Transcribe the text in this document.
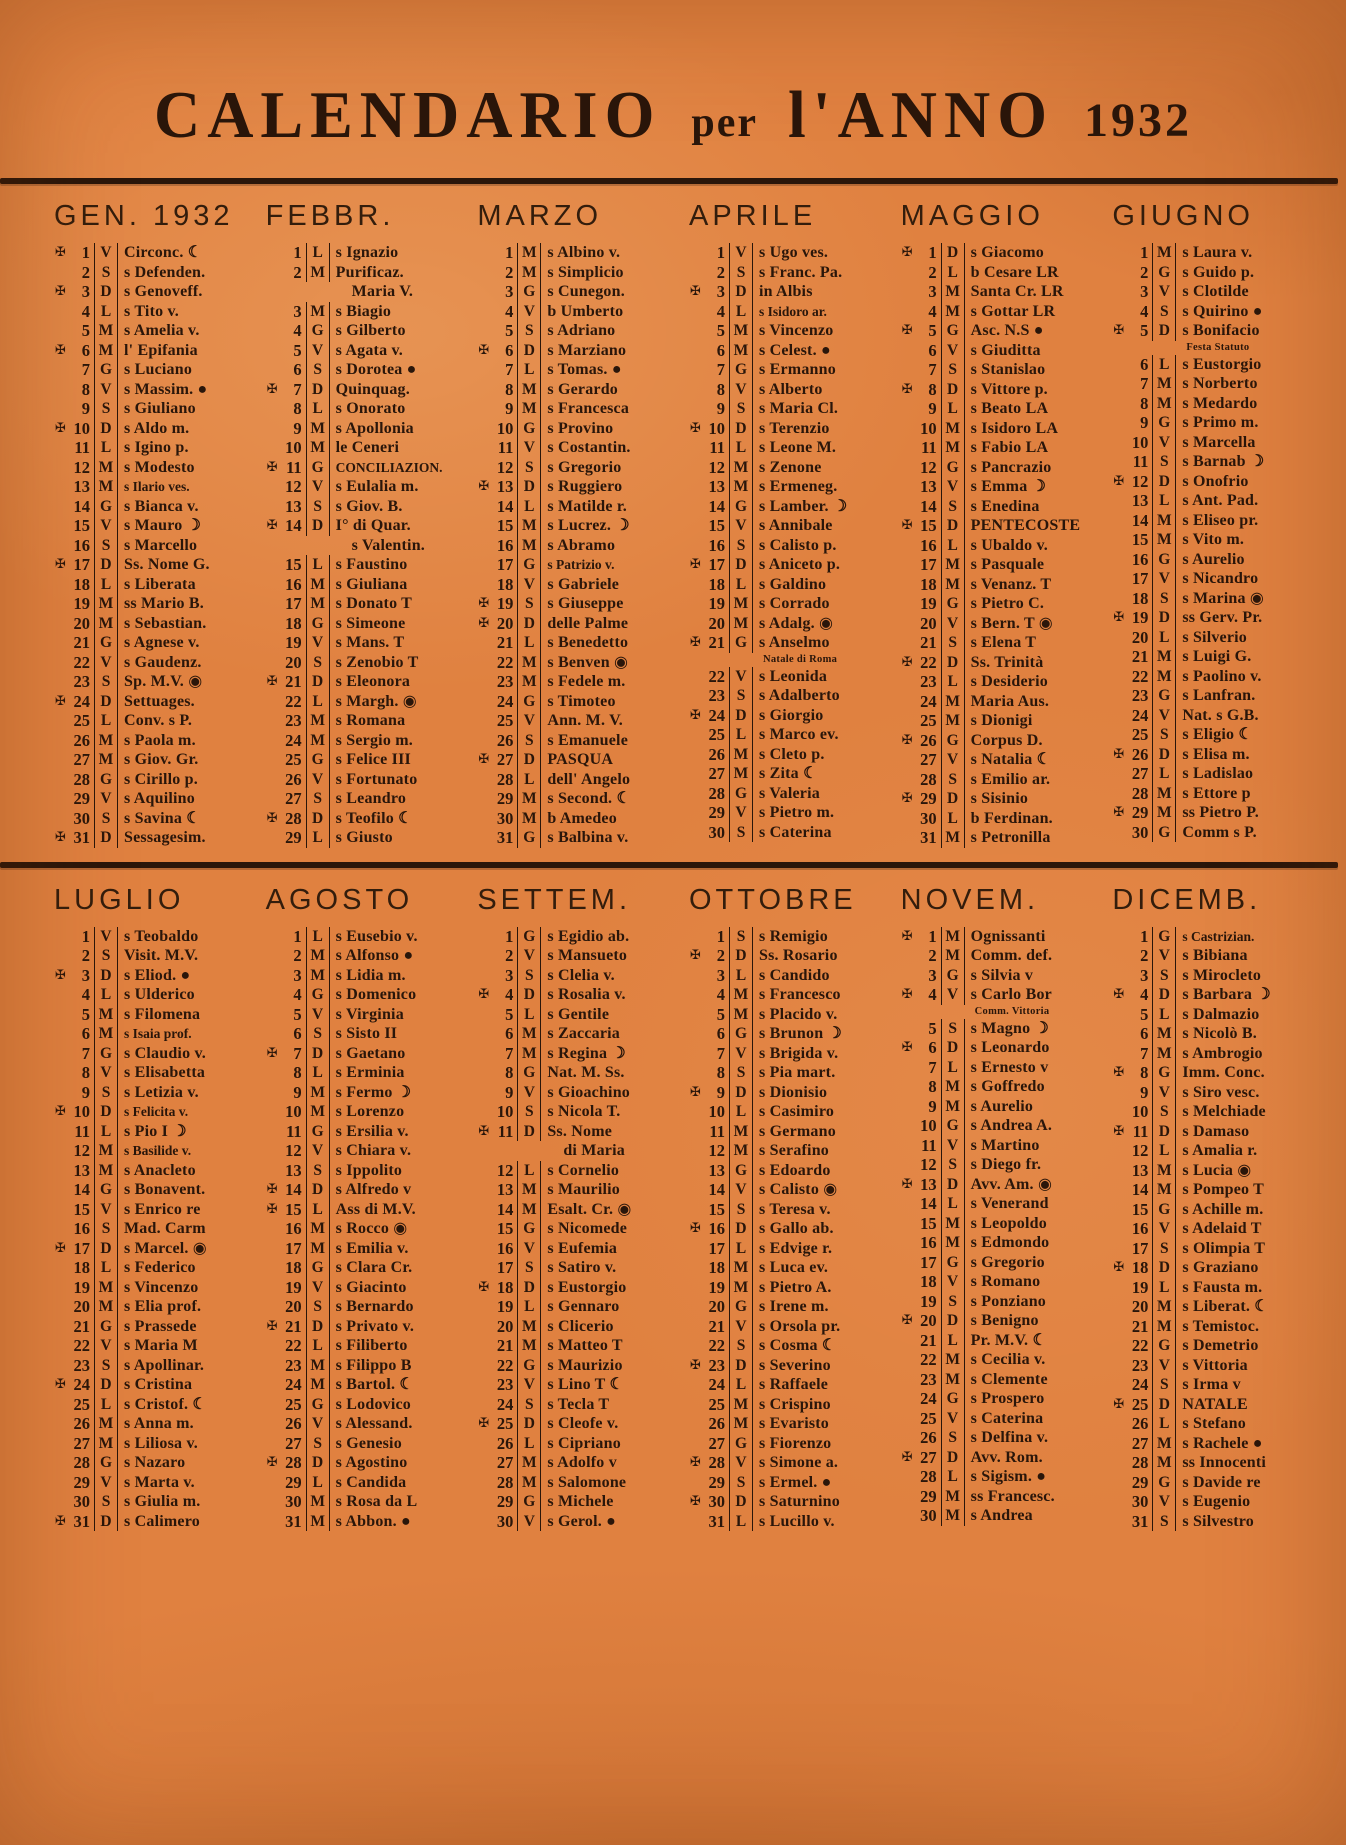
CALENDARIO per l'ANNO 1932
GEN. 1932
✠ 1 V Circonc. ☾
2 S s Defenden.
✠ 3 D s Genoveff.
4 L s Tito v.
5 M s Amelia v.
✠ 6 M l' Epifania
7 G s Luciano
8 V s Massim. ●
9 S s Giuliano
✠ 10 D s Aldo m.
11 L s Igino p.
12 M s Modesto
13 M s Ilario ves.
14 G s Bianca v.
15 V s Mauro ☽
16 S s Marcello
✠ 17 D Ss. Nome G.
18 L s Liberata
19 M ss Mario B.
20 M s Sebastian.
21 G s Agnese v.
22 V s Gaudenz.
23 S Sp. M.V. ◉
✠ 24 D Settuages.
25 L Conv. s P.
26 M s Paola m.
27 M s Giov. Gr.
28 G s Cirillo p.
29 V s Aquilino
30 S s Savina ☾
✠ 31 D Sessagesim.
FEBBR.
1 L s Ignazio
2 M Purificaz.
Maria V.
3 M s Biagio
4 G s Gilberto
5 V s Agata v.
6 S s Dorotea ●
✠ 7 D Quinquag.
8 L s Onorato
9 M s Apollonia
10 M le Ceneri
✠ 11 G CONCILIAZION.
12 V s Eulalia m.
13 S s Giov. B.
✠ 14 D I° di Quar.
s Valentin.
15 L s Faustino
16 M s Giuliana
17 M s Donato T
18 G s Simeone
19 V s Mans. T
20 S s Zenobio T
✠ 21 D s Eleonora
22 L s Margh. ◉
23 M s Romana
24 M s Sergio m.
25 G s Felice III
26 V s Fortunato
27 S s Leandro
✠ 28 D s Teofilo ☾
29 L s Giusto
MARZO
1 M s Albino v.
2 M s Simplicio
3 G s Cunegon.
4 V b Umberto
5 S s Adriano
✠ 6 D s Marziano
7 L s Tomas. ●
8 M s Gerardo
9 M s Francesca
10 G s Provino
11 V s Costantin.
12 S s Gregorio
✠ 13 D s Ruggiero
14 L s Matilde r.
15 M s Lucrez. ☽
16 M s Abramo
17 G s Patrizio v.
18 V s Gabriele
✠ 19 S s Giuseppe
✠ 20 D delle Palme
21 L s Benedetto
22 M s Benven ◉
23 M s Fedele m.
24 G s Timoteo
25 V Ann. M. V.
26 S s Emanuele
✠ 27 D PASQUA
28 L dell' Angelo
29 M s Second. ☾
30 M b Amedeo
31 G s Balbina v.
APRILE
1 V s Ugo ves.
2 S s Franc. Pa.
✠ 3 D in Albis
4 L s Isidoro ar.
5 M s Vincenzo
6 M s Celest. ●
7 G s Ermanno
8 V s Alberto
9 S s Maria Cl.
✠ 10 D s Terenzio
11 L s Leone M.
12 M s Zenone
13 M s Ermeneg.
14 G s Lamber. ☽
15 V s Annibale
16 S s Calisto p.
✠ 17 D s Aniceto p.
18 L s Galdino
19 M s Corrado
20 M s Adalg. ◉
✠ 21 G s Anselmo
Natale di Roma
22 V s Leonida
23 S s Adalberto
✠ 24 D s Giorgio
25 L s Marco ev.
26 M s Cleto p.
27 M s Zita ☾
28 G s Valeria
29 V s Pietro m.
30 S s Caterina
MAGGIO
✠ 1 D s Giacomo
2 L b Cesare LR
3 M Santa Cr. LR
4 M s Gottar LR
✠ 5 G Asc. N.S ●
6 V s Giuditta
7 S s Stanislao
✠ 8 D s Vittore p.
9 L s Beato LA
10 M s Isidoro LA
11 M s Fabio LA
12 G s Pancrazio
13 V s Emma ☽
14 S s Enedina
✠ 15 D PENTECOSTE
16 L s Ubaldo v.
17 M s Pasquale
18 M s Venanz. T
19 G s Pietro C.
20 V s Bern. T ◉
21 S s Elena T
✠ 22 D Ss. Trinità
23 L s Desiderio
24 M Maria Aus.
25 M s Dionigi
✠ 26 G Corpus D.
27 V s Natalia ☾
28 S s Emilio ar.
✠ 29 D s Sisinio
30 L b Ferdinan.
31 M s Petronilla
GIUGNO
1 M s Laura v.
2 G s Guido p.
3 V s Clotilde
4 S s Quirino ●
✠ 5 D s Bonifacio
Festa Statuto
6 L s Eustorgio
7 M s Norberto
8 M s Medardo
9 G s Primo m.
10 V s Marcella
11 S s Barnab ☽
✠ 12 D s Onofrio
13 L s Ant. Pad.
14 M s Eliseo pr.
15 M s Vito m.
16 G s Aurelio
17 V s Nicandro
18 S s Marina ◉
✠ 19 D ss Gerv. Pr.
20 L s Silverio
21 M s Luigi G.
22 M s Paolino v.
23 G s Lanfran.
24 V Nat. s G.B.
25 S s Eligio ☾
✠ 26 D s Elisa m.
27 L s Ladislao
28 M s Ettore p
✠ 29 M ss Pietro P.
30 G Comm s P.
LUGLIO
1 V s Teobaldo
2 S Visit. M.V.
✠ 3 D s Eliod. ●
4 L s Ulderico
5 M s Filomena
6 M s Isaia prof.
7 G s Claudio v.
8 V s Elisabetta
9 S s Letizia v.
✠ 10 D s Felicita v.
11 L s Pio I ☽
12 M s Basilide v.
13 M s Anacleto
14 G s Bonavent.
15 V s Enrico re
16 S Mad. Carm
✠ 17 D s Marcel. ◉
18 L s Federico
19 M s Vincenzo
20 M s Elia prof.
21 G s Prassede
22 V s Maria M
23 S s Apollinar.
✠ 24 D s Cristina
25 L s Cristof. ☾
26 M s Anna m.
27 M s Liliosa v.
28 G s Nazaro
29 V s Marta v.
30 S s Giulia m.
✠ 31 D s Calimero
AGOSTO
1 L s Eusebio v.
2 M s Alfonso ●
3 M s Lidia m.
4 G s Domenico
5 V s Virginia
6 S s Sisto II
✠ 7 D s Gaetano
8 L s Erminia
9 M s Fermo ☽
10 M s Lorenzo
11 G s Ersilia v.
12 V s Chiara v.
13 S s Ippolito
✠ 14 D s Alfredo v
✠ 15 L Ass di M.V.
16 M s Rocco ◉
17 M s Emilia v.
18 G s Clara Cr.
19 V s Giacinto
20 S s Bernardo
✠ 21 D s Privato v.
22 L s Filiberto
23 M s Filippo B
24 M s Bartol. ☾
25 G s Lodovico
26 V s Alessand.
27 S s Genesio
✠ 28 D s Agostino
29 L s Candida
30 M s Rosa da L
31 M s Abbon. ●
SETTEM.
1 G s Egidio ab.
2 V s Mansueto
3 S s Clelia v.
✠ 4 D s Rosalia v.
5 L s Gentile
6 M s Zaccaria
7 M s Regina ☽
8 G Nat. M. Ss.
9 V s Gioachino
10 S s Nicola T.
✠ 11 D Ss. Nome
di Maria
12 L s Cornelio
13 M s Maurilio
14 M Esalt. Cr. ◉
15 G s Nicomede
16 V s Eufemia
17 S s Satiro v.
✠ 18 D s Eustorgio
19 L s Gennaro
20 M s Clicerio
21 M s Matteo T
22 G s Maurizio
23 V s Lino T ☾
24 S s Tecla T
✠ 25 D s Cleofe v.
26 L s Cipriano
27 M s Adolfo v
28 M s Salomone
29 G s Michele
30 V s Gerol. ●
OTTOBRE
1 S s Remigio
✠ 2 D Ss. Rosario
3 L s Candido
4 M s Francesco
5 M s Placido v.
6 G s Brunon ☽
7 V s Brigida v.
8 S s Pia mart.
✠ 9 D s Dionisio
10 L s Casimiro
11 M s Germano
12 M s Serafino
13 G s Edoardo
14 V s Calisto ◉
15 S s Teresa v.
✠ 16 D s Gallo ab.
17 L s Edvige r.
18 M s Luca ev.
19 M s Pietro A.
20 G s Irene m.
21 V s Orsola pr.
22 S s Cosma ☾
✠ 23 D s Severino
24 L s Raffaele
25 M s Crispino
26 M s Evaristo
27 G s Fiorenzo
✠ 28 V s Simone a.
29 S s Ermel. ●
✠ 30 D s Saturnino
31 L s Lucillo v.
NOVEM.
✠ 1 M Ognissanti
2 M Comm. def.
3 G s Silvia v
✠ 4 V s Carlo Bor
Comm. Vittoria
5 S s Magno ☽
✠ 6 D s Leonardo
7 L s Ernesto v
8 M s Goffredo
9 M s Aurelio
10 G s Andrea A.
11 V s Martino
12 S s Diego fr.
✠ 13 D Avv. Am. ◉
14 L s Venerand
15 M s Leopoldo
16 M s Edmondo
17 G s Gregorio
18 V s Romano
19 S s Ponziano
✠ 20 D s Benigno
21 L Pr. M.V. ☾
22 M s Cecilia v.
23 M s Clemente
24 G s Prospero
25 V s Caterina
26 S s Delfina v.
✠ 27 D Avv. Rom.
28 L s Sigism. ●
29 M ss Francesc.
30 M s Andrea
DICEMB.
1 G s Castrizian.
2 V s Bibiana
3 S s Mirocleto
✠ 4 D s Barbara ☽
5 L s Dalmazio
6 M s Nicolò B.
7 M s Ambrogio
✠ 8 G Imm. Conc.
9 V s Siro vesc.
10 S s Melchiade
✠ 11 D s Damaso
12 L s Amalia r.
13 M s Lucia ◉
14 M s Pompeo T
15 G s Achille m.
16 V s Adelaid T
17 S s Olimpia T
✠ 18 D s Graziano
19 L s Fausta m.
20 M s Liberat. ☾
21 M s Temistoc.
22 G s Demetrio
23 V s Vittoria
24 S s Irma v
✠ 25 D NATALE
26 L s Stefano
27 M s Rachele ●
28 M ss Innocenti
29 G s Davide re
30 V s Eugenio
31 S s Silvestro
